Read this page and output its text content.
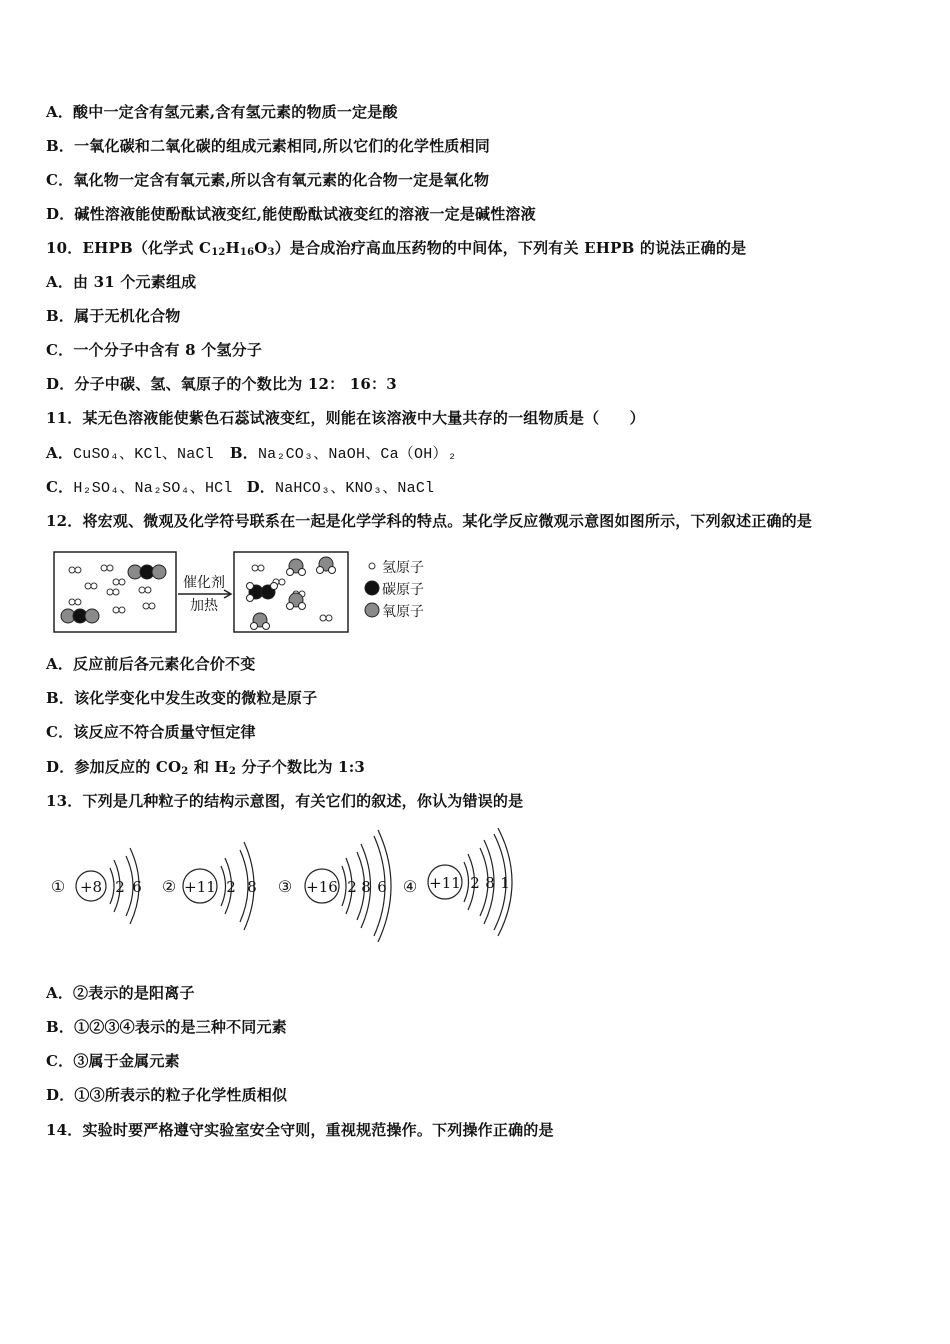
A．酸中一定含有氢元素,含有氢元素的物质一定是酸
B．一氧化碳和二氧化碳的组成元素相同,所以它们的化学性质相同
C．氧化物一定含有氧元素,所以含有氧元素的化合物一定是氧化物
D．碱性溶液能使酚酞试液变红,能使酚酞试液变红的溶液一定是碱性溶液
10．EHPB（化学式 $C_{12}H_{16}O_3$）是合成治疗高血压药物的中间体，下列有关 EHPB 的说法正确的是
A．由 31 个元素组成
B．属于无机化合物
C．一个分子中含有 8 个氢分子
D．分子中碳、氢、氧原子的个数比为 12： 16：3
11．某无色溶液能使紫色石蕊试液变红，则能在该溶液中大量共存的一组物质是（　　）
A．CuSO₄、KCl、NaCl B．Na₂CO₃、NaOH、Ca（OH）₂
C．H₂SO₄、Na₂SO₄、HCl D．NaHCO₃、KNO₃、NaCl
12．将宏观、微观及化学符号联系在一起是化学学科的特点。某化学反应微观示意图如图所示，下列叙述正确的是
催化剂
加热
氢原子
碳原子
氧原子
A．反应前后各元素化合价不变
B．该化学变化中发生改变的微粒是原子
C．该反应不符合质量守恒定律
D．参加反应的 $CO_2$ 和 $H_2$ 分子个数比为 1:3
13．下列是几种粒子的结构示意图，有关它们的叙述，你认为错误的是
① +8 2 6 ② +11 2 8 ③ +16 2 8 6 ④ +11 2 8 1
A．②表示的是阳离子
B．①②③④表示的是三种不同元素
C．③属于金属元素
D．①③所表示的粒子化学性质相似
14．实验时要严格遵守实验室安全守则，重视规范操作。下列操作正确的是
